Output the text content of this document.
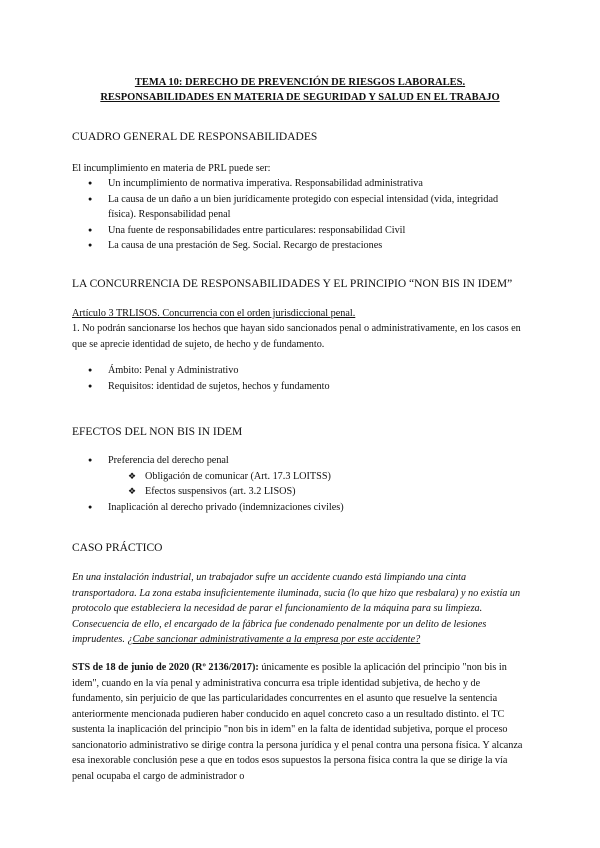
TEMA 10: DERECHO DE PREVENCIÓN DE RIESGOS LABORALES.
RESPONSABILIDADES EN MATERIA DE SEGURIDAD Y SALUD EN EL TRABAJO
CUADRO GENERAL DE RESPONSABILIDADES
El incumplimiento en materia de PRL puede ser:
● Un incumplimiento de normativa imperativa. Responsabilidad administrativa
● La causa de un daño a un bien jurídicamente protegido con especial intensidad (vida, integridad física). Responsabilidad penal
● Una fuente de responsabilidades entre particulares: responsabilidad Civil
● La causa de una prestación de Seg. Social. Recargo de prestaciones
LA CONCURRENCIA DE RESPONSABILIDADES Y EL PRINCIPIO “NON BIS IN IDEM”
Artículo 3 TRLISOS. Concurrencia con el orden jurisdiccional penal.
1. No podrán sancionarse los hechos que hayan sido sancionados penal o administrativamente, en los casos en que se aprecie identidad de sujeto, de hecho y de fundamento.
● Ámbito: Penal y Administrativo
● Requisitos: identidad de sujetos, hechos y fundamento
EFECTOS DEL NON BIS IN IDEM
● Preferencia del derecho penal
❖ Obligación de comunicar (Art. 17.3 LOITSS)
❖ Efectos suspensivos (art. 3.2 LISOS)
● Inaplicación al derecho privado (indemnizaciones civiles)
CASO PRÁCTICO
En una instalación industrial, un trabajador sufre un accidente cuando está limpiando una cinta transportadora. La zona estaba insuficientemente iluminada, sucia (lo que hizo que resbalara) y no existía un protocolo que estableciera la necesidad de parar el funcionamiento de la máquina para su limpieza. Consecuencia de ello, el encargado de la fábrica fue condenado penalmente por un delito de lesiones imprudentes. ¿Cabe sancionar administrativamente a la empresa por este accidente?
STS de 18 de junio de 2020 (Rº 2136/2017): únicamente es posible la aplicación del principio "non bis in idem", cuando en la vía penal y administrativa concurra esa triple identidad subjetiva, de hecho y de fundamento, sin perjuicio de que las particularidades concurrentes en el asunto que resuelve la sentencia anteriormente mencionada pudieren haber conducido en aquel concreto caso a un resultado distinto. el TC sustenta la inaplicación del principio "non bis in idem" en la falta de identidad subjetiva, porque el proceso sancionatorio administrativo se dirige contra la persona jurídica y el penal contra una persona física. Y alcanza esa inexorable conclusión pese a que en todos esos supuestos la persona física contra la que se dirige la vía penal ocupaba el cargo de administrador o
